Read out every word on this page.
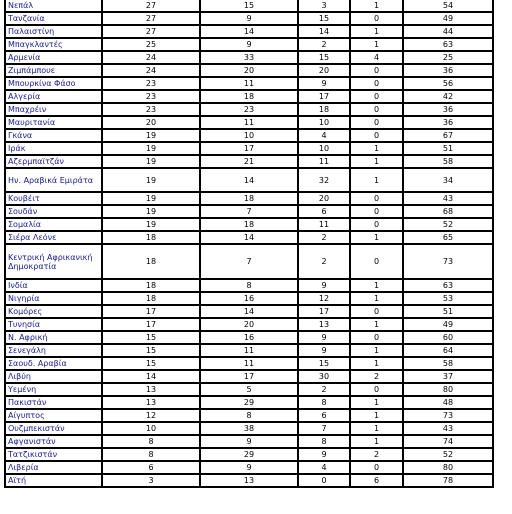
Νεπάλ	27	15	3	1	54
Τανζανία	27	9	15	0	49
Παλαιστίνη	27	14	14	1	44
Μπαγκλαντές	25	9	2	1	63
Αρμενία	24	33	15	4	25
Ζιμπάμπουε	24	20	20	0	36
Μπουρκίνα Φάσο	23	11	9	0	56
Αλγερία	23	18	17	0	42
Μπαχρέιν	23	23	18	0	36
Μαυριτανία	20	11	10	0	36
Γκάνα	19	10	4	0	67
Ιράκ	19	17	10	1	51
Αζερμπαϊτζάν	19	21	11	1	58
Ην. Αραβικά Εμιράτα	19	14	32	1	34
Κουβέιτ	19	18	20	0	43
Σουδάν	19	7	6	0	68
Σομαλία	19	18	11	0	52
Σιέρα Λεόνε	18	14	2	1	65
Κεντρική Αφρικανική Δημοκρατία	18	7	2	0	73
Ινδία	18	8	9	1	63
Νιγηρία	18	16	12	1	53
Κομόρες	17	14	17	0	51
Τυνησία	17	20	13	1	49
Ν. Αφρική	15	16	9	0	60
Σενεγάλη	15	11	9	1	64
Σαουδ. Αραβία	15	11	15	1	58
Λιβύη	14	17	30	2	37
Υεμένη	13	5	2	0	80
Πακιστάν	13	29	8	1	48
Αίγυπτος	12	8	6	1	73
Ουζμπεκιστάν	10	38	7	1	43
Αφγανιστάν	8	9	8	1	74
Τατζικιστάν	8	29	9	2	52
Λιβερία	6	9	4	0	80
Αϊτή	3	13	0	6	78
